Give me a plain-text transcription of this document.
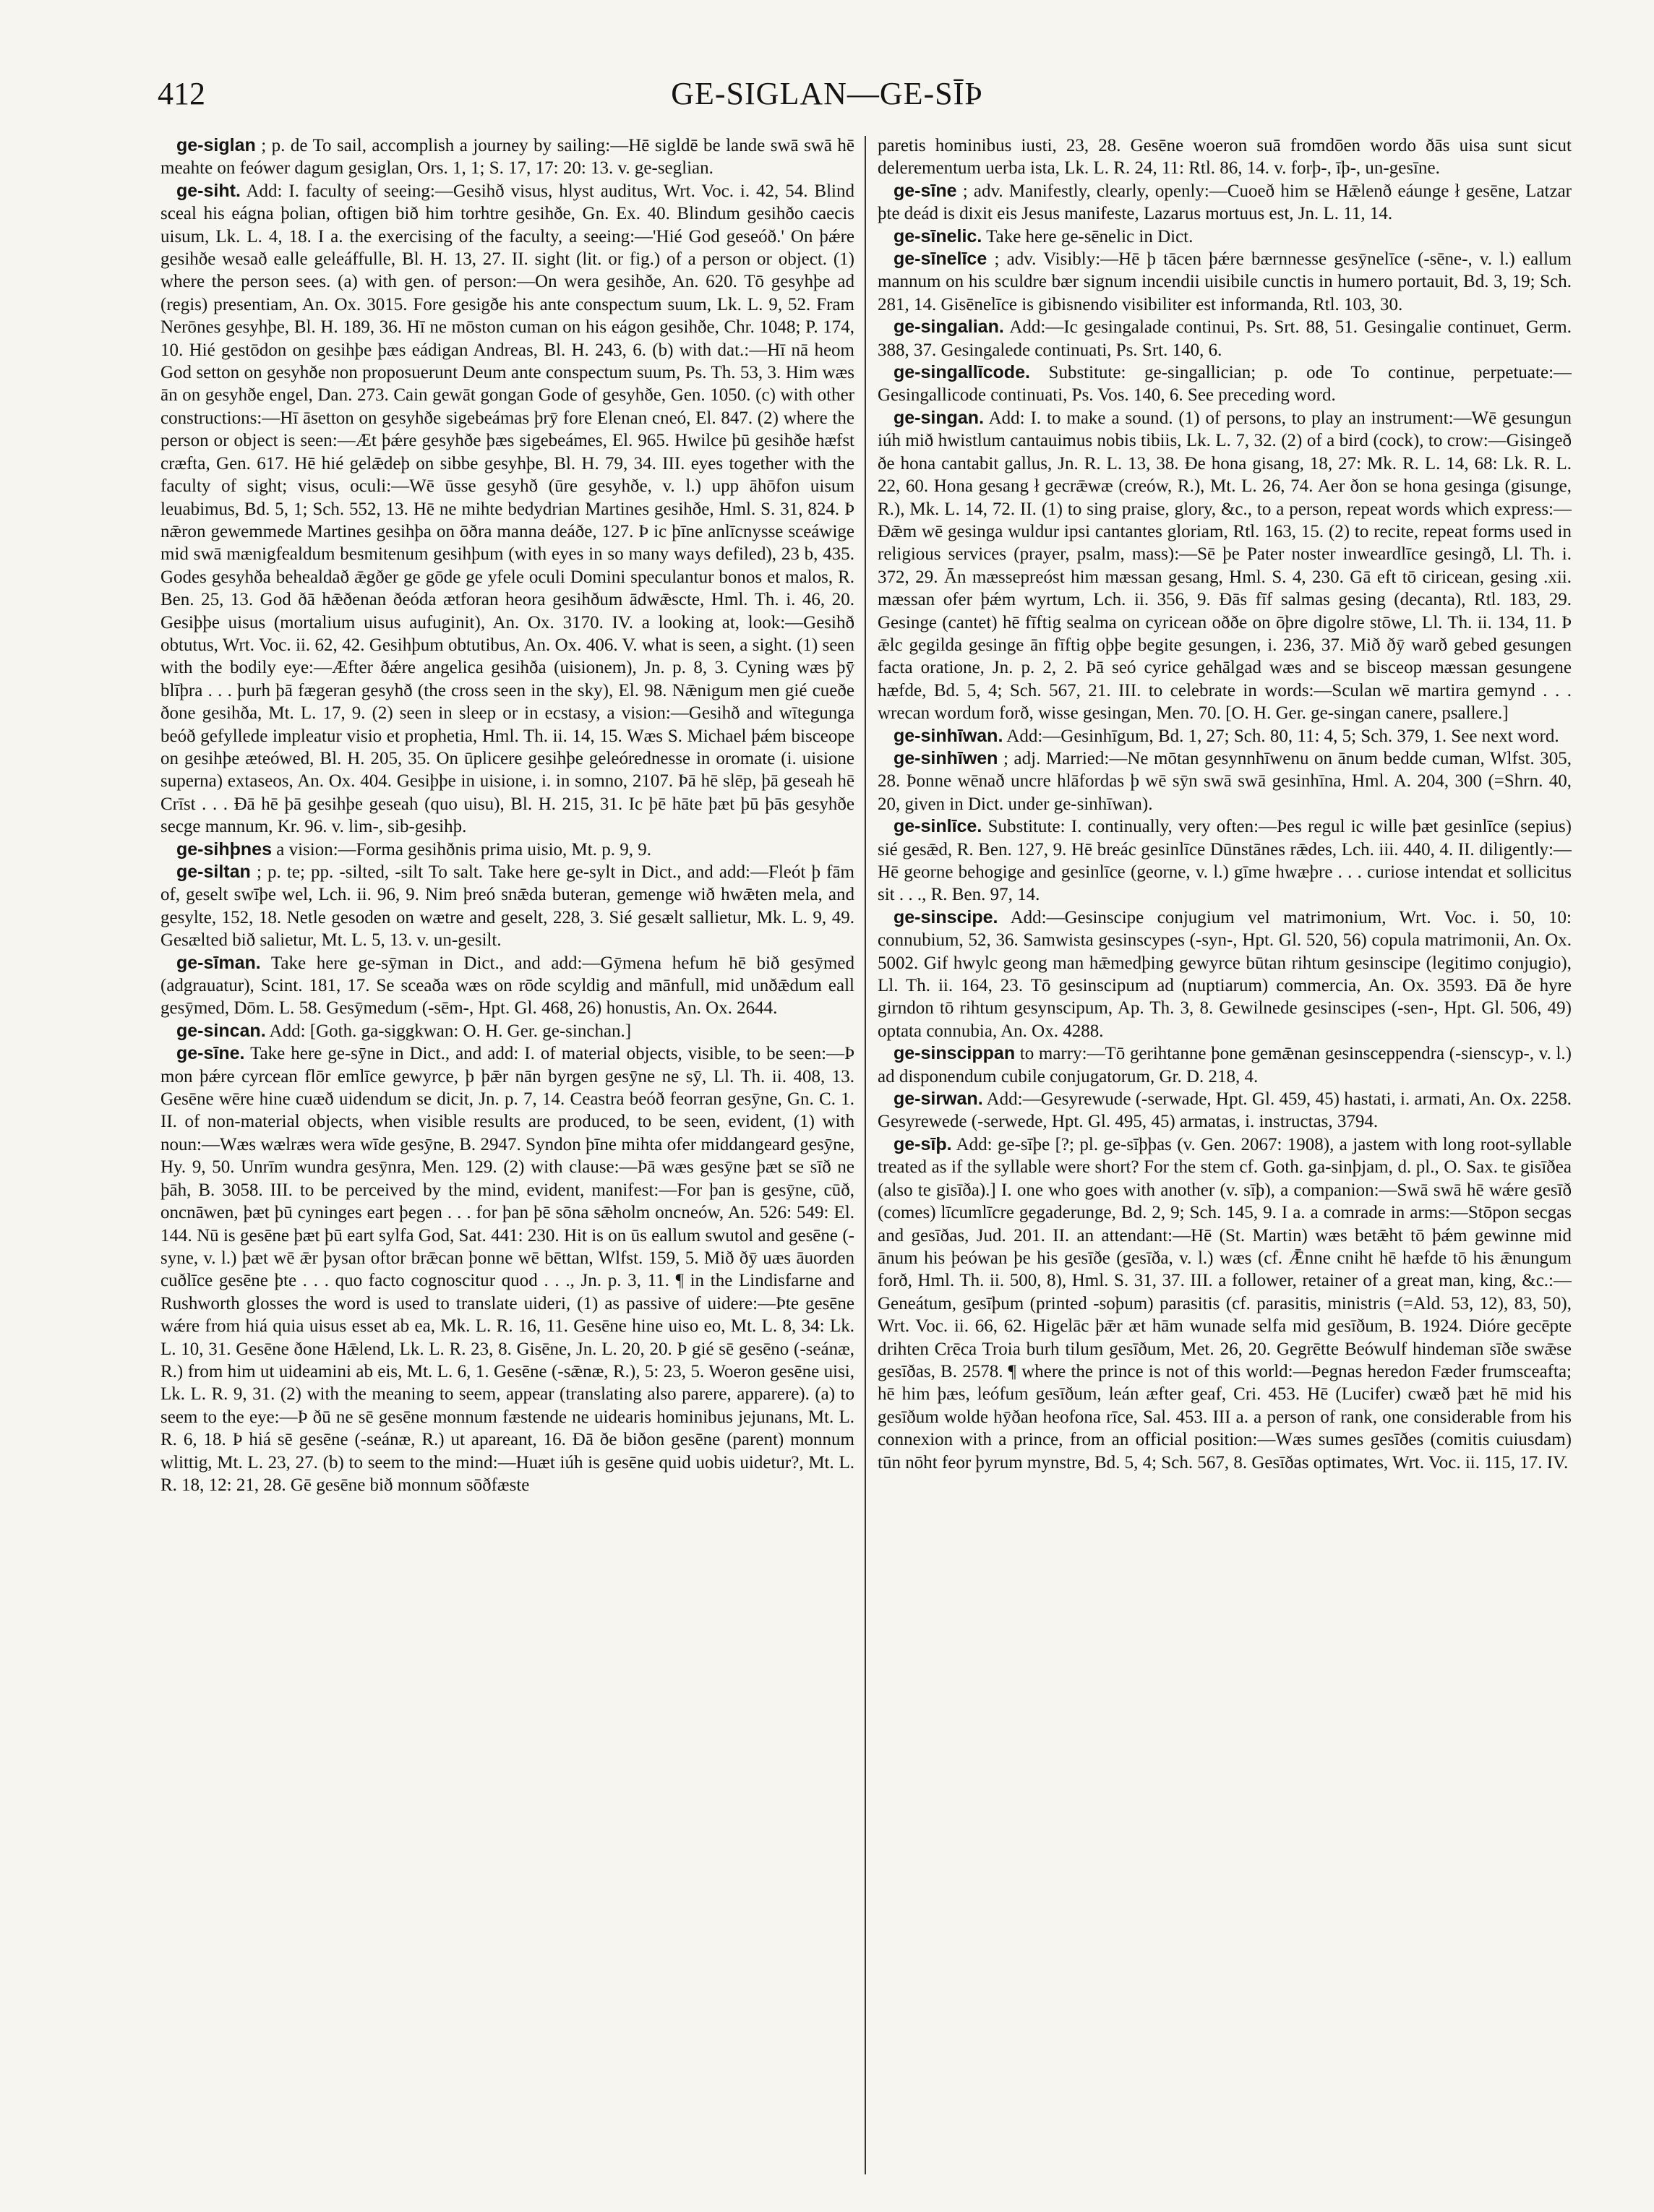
412	GE-SIGLAN—GE-SĪÞ

ge-siglan ; p. de To sail, accomplish a journey by sailing:—Hē sigldē be lande swā swā hē meahte on feówer dagum gesiglan, Ors. 1, 1; S. 17, 17: 20: 13. v. ge-seglian.

ge-siht. Add: I. faculty of seeing:—Gesihð visus, hlyst auditus, Wrt. Voc. i. 42, 54. Blind sceal his eágna þolian, oftigen bið him torhtre gesihðe, Gn. Ex. 40. Blindum gesihðo caecis uisum, Lk. L. 4, 18. I a. the exercising of the faculty, a seeing:—'Hié God geseóð.' On þǽre gesihðe wesað ealle geleáffulle, Bl. H. 13, 27. II. sight (lit. or fig.) of a person or object. (1) where the person sees. (a) with gen. of person:—On wera gesihðe, An. 620. Tō gesyhþe ad (regis) presentiam, An. Ox. 3015. Fore gesigðe his ante conspectum suum, Lk. L. 9, 52. Fram Nerōnes gesyhþe, Bl. H. 189, 36. Hī ne mōston cuman on his eágon gesihðe, Chr. 1048; P. 174, 10. Hié gestōdon on gesihþe þæs eádigan Andreas, Bl. H. 243, 6. (b) with dat.:—Hī nā heom God setton on gesyhðe non proposuerunt Deum ante conspectum suum, Ps. Th. 53, 3. Him wæs ān on gesyhðe engel, Dan. 273. Cain gewāt gongan Gode of gesyhðe, Gen. 1050. (c) with other constructions:—Hī āsetton on gesyhðe sigebeámas þrȳ fore Elenan cneó, El. 847. (2) where the person or object is seen:—Æt þǽre gesyhðe þæs sigebeámes, El. 965. Hwilce þū gesihðe hæfst cræfta, Gen. 617. Hē hié gelǣdeþ on sibbe gesyhþe, Bl. H. 79, 34. III. eyes together with the faculty of sight; visus, oculi:—Wē ūsse gesyhð (ūre gesyhðe, v. l.) upp āhōfon uisum leuabimus, Bd. 5, 1; Sch. 552, 13. Hē ne mihte bedydrian Martines gesihðe, Hml. S. 31, 824. Þ nǣron gewemmede Martines gesihþa on ōðra manna deáðe, 127. Þ ic þīne anlīcnysse sceáwige mid swā mænigfealdum besmitenum gesihþum (with eyes in so many ways defiled), 23 b, 435. Godes gesyhða behealdað ǣgðer ge gōde ge yfele oculi Domini speculantur bonos et malos, R. Ben. 25, 13. God ðā hǣðenan ðeóda ætforan heora gesihðum ādwǣscte, Hml. Th. i. 46, 20. Gesiþþe uisus (mortalium uisus aufuginit), An. Ox. 3170. IV. a looking at, look:—Gesihð obtutus, Wrt. Voc. ii. 62, 42. Gesihþum obtutibus, An. Ox. 406. V. what is seen, a sight. (1) seen with the bodily eye:—Æfter ðǽre angelica gesihða (uisionem), Jn. p. 8, 3. Cyning wæs þȳ blīþra . . . þurh þā fægeran gesyhð (the cross seen in the sky), El. 98. Nǣnigum men gié cueðe ðone gesihða, Mt. L. 17, 9. (2) seen in sleep or in ecstasy, a vision:—Gesihð and wītegunga beóð gefyllede impleatur visio et prophetia, Hml. Th. ii. 14, 15. Wæs S. Michael þǽm bisceope on gesihþe æteówed, Bl. H. 205, 35. On ūplicere gesihþe geleórednesse in oromate (i. uisione superna) extaseos, An. Ox. 404. Gesiþþe in uisione, i. in somno, 2107. Þā hē slēp, þā geseah hē Crīst . . . Ðā hē þā gesihþe geseah (quo uisu), Bl. H. 215, 31. Ic þē hāte þæt þū þās gesyhðe secge mannum, Kr. 96. v. lim-, sib-gesihþ.

ge-sihþnes a vision:—Forma gesihðnis prima uisio, Mt. p. 9, 9.

ge-siltan ; p. te; pp. -silted, -silt To salt. Take here ge-sylt in Dict., and add:—Fleót þ fām of, geselt swīþe wel, Lch. ii. 96, 9. Nim þreó snǣda buteran, gemenge wið hwǣten mela, and gesylte, 152, 18. Netle gesoden on wætre and geselt, 228, 3. Sié gesælt sallietur, Mk. L. 9, 49. Gesælted bið salietur, Mt. L. 5, 13. v. un-gesilt.

ge-sīman. Take here ge-sȳman in Dict., and add:—Gȳmena hefum hē bið gesȳmed (adgrauatur), Scint. 181, 17. Se sceaða wæs on rōde scyldig and mānfull, mid unðǣdum eall gesȳmed, Dōm. L. 58. Gesȳmedum (-sēm-, Hpt. Gl. 468, 26) honustis, An. Ox. 2644.

ge-sincan. Add: [Goth. ga-siggkwan: O. H. Ger. ge-sinchan.]

ge-sīne. Take here ge-sȳne in Dict., and add: I. of material objects, visible, to be seen:—Þ mon þǽre cyrcean flōr emlīce gewyrce, þ þǣr nān byrgen gesȳne ne sȳ, Ll. Th. ii. 408, 13. Gesēne wēre hine cuæð uidendum se dicit, Jn. p. 7, 14. Ceastra beóð feorran gesȳne, Gn. C. 1. II. of non-material objects, when visible results are produced, to be seen, evident, (1) with noun:—Wæs wælræs wera wīde gesȳne, B. 2947. Syndon þīne mihta ofer middangeard gesȳne, Hy. 9, 50. Unrīm wundra gesȳnra, Men. 129. (2) with clause:—Þā wæs gesȳne þæt se sīð ne þāh, B. 3058. III. to be perceived by the mind, evident, manifest:—For þan is gesȳne, cūð, oncnāwen, þæt þū cyninges eart þegen . . . for þan þē sōna sǣholm oncneów, An. 526: 549: El. 144. Nū is gesēne þæt þū eart sylfa God, Sat. 441: 230. Hit is on ūs eallum swutol and gesēne (-syne, v. l.) þæt wē ǣr þysan oftor brǣcan þonne wē bēttan, Wlfst. 159, 5. Mið ðȳ uæs āuorden cuðlīce gesēne þte . . . quo facto cognoscitur quod . . ., Jn. p. 3, 11. ¶ in the Lindisfarne and Rushworth glosses the word is used to translate uideri, (1) as passive of uidere:—Þte gesēne wǽre from hiá quia uisus esset ab ea, Mk. L. R. 16, 11. Gesēne hine uiso eo, Mt. L. 8, 34: Lk. L. 10, 31. Gesēne ðone Hǣlend, Lk. L. R. 23, 8. Gisēne, Jn. L. 20, 20. Þ gié sē gesēno (-seánæ, R.) from him ut uideamini ab eis, Mt. L. 6, 1. Gesēne (-sǣnæ, R.), 5: 23, 5. Woeron gesēne uisi, Lk. L. R. 9, 31. (2) with the meaning to seem, appear (translating also parere, apparere). (a) to seem to the eye:—Þ ðū ne sē gesēne monnum fæstende ne uidearis hominibus jejunans, Mt. L. R. 6, 18. Þ hiá sē gesēne (-seánæ, R.) ut apareant, 16. Ðā ðe biðon gesēne (parent) monnum wlittig, Mt. L. 23, 27. (b) to seem to the mind:—Huæt iúh is gesēne quid uobis uidetur?, Mt. L. R. 18, 12: 21, 28. Gē gesēne bið monnum sōðfæste

paretis hominibus iusti, 23, 28. Gesēne woeron suā fromdōen wordo ðās uisa sunt sicut delerementum uerba ista, Lk. L. R. 24, 11: Rtl. 86, 14. v. forþ-, īþ-, un-gesīne.

ge-sīne ; adv. Manifestly, clearly, openly:—Cuoeð him se Hǣlenð eáunge ł gesēne, Latzar þte deád is dixit eis Jesus manifeste, Lazarus mortuus est, Jn. L. 11, 14.

ge-sīnelic. Take here ge-sēnelic in Dict.

ge-sīnelīce ; adv. Visibly:—Hē þ tācen þǽre bærnnesse gesȳnelīce (-sēne-, v. l.) eallum mannum on his sculdre bær signum incendii uisibile cunctis in humero portauit, Bd. 3, 19; Sch. 281, 14. Gisēnelīce is gibisnendo visibiliter est informanda, Rtl. 103, 30.

ge-singalian. Add:—Ic gesingalade continui, Ps. Srt. 88, 51. Gesingalie continuet, Germ. 388, 37. Gesingalede continuati, Ps. Srt. 140, 6.

ge-singallīcode. Substitute: ge-singallician; p. ode To continue, perpetuate:—Gesingallicode continuati, Ps. Vos. 140, 6. See preceding word.

ge-singan. Add: I. to make a sound. (1) of persons, to play an instrument:—Wē gesungun iúh mið hwistlum cantauimus nobis tibiis, Lk. L. 7, 32. (2) of a bird (cock), to crow:—Gisingeð ðe hona cantabit gallus, Jn. R. L. 13, 38. Ðe hona gisang, 18, 27: Mk. R. L. 14, 68: Lk. R. L. 22, 60. Hona gesang ł gecrǣwæ (creów, R.), Mt. L. 26, 74. Aer ðon se hona gesinga (gisunge, R.), Mk. L. 14, 72. II. (1) to sing praise, glory, &c., to a person, repeat words which express:—Ðǣm wē gesinga wuldur ipsi cantantes gloriam, Rtl. 163, 15. (2) to recite, repeat forms used in religious services (prayer, psalm, mass):—Sē þe Pater noster inweardlīce gesingð, Ll. Th. i. 372, 29. Ān mæssepreóst him mæssan gesang, Hml. S. 4, 230. Gā eft tō ciricean, gesing .xii. mæssan ofer þǽm wyrtum, Lch. ii. 356, 9. Ðās fīf salmas gesing (decanta), Rtl. 183, 29. Gesinge (cantet) hē fīftig sealma on cyricean oððe on ōþre digolre stōwe, Ll. Th. ii. 134, 11. Þ ǣlc gegilda gesinge ān fīftig oþþe begite gesungen, i. 236, 37. Mið ðȳ warð gebed gesungen facta oratione, Jn. p. 2, 2. Þā seó cyrice gehālgad wæs and se bisceop mæssan gesungene hæfde, Bd. 5, 4; Sch. 567, 21. III. to celebrate in words:—Sculan wē martira gemynd . . . wrecan wordum forð, wisse gesingan, Men. 70. [O. H. Ger. ge-singan canere, psallere.]

ge-sinhīwan. Add:—Gesinhīgum, Bd. 1, 27; Sch. 80, 11: 4, 5; Sch. 379, 1. See next word.

ge-sinhīwen ; adj. Married:—Ne mōtan gesynnhīwenu on ānum bedde cuman, Wlfst. 305, 28. Þonne wēnað uncre hlāfordas þ wē sȳn swā swā gesinhīna, Hml. A. 204, 300 (=Shrn. 40, 20, given in Dict. under ge-sinhīwan).

ge-sinlīce. Substitute: I. continually, very often:—Þes regul ic wille þæt gesinlīce (sepius) sié gesǣd, R. Ben. 127, 9. Hē breác gesinlīce Dūnstānes rǣdes, Lch. iii. 440, 4. II. diligently:—Hē georne behogige and gesinlīce (georne, v. l.) gīme hwæþre . . . curiose intendat et sollicitus sit . . ., R. Ben. 97, 14.

ge-sinscipe. Add:—Gesinscipe conjugium vel matrimonium, Wrt. Voc. i. 50, 10: connubium, 52, 36. Samwista gesinscypes (-syn-, Hpt. Gl. 520, 56) copula matrimonii, An. Ox. 5002. Gif hwylc geong man hǣmedþing gewyrce būtan rihtum gesinscipe (legitimo conjugio), Ll. Th. ii. 164, 23. Tō gesinscipum ad (nuptiarum) commercia, An. Ox. 3593. Ðā ðe hyre girndon tō rihtum gesynscipum, Ap. Th. 3, 8. Gewilnede gesinscipes (-sen-, Hpt. Gl. 506, 49) optata connubia, An. Ox. 4288.

ge-sinscippan to marry:—Tō gerihtanne þone gemǣnan gesinsceppendra (-sienscyp-, v. l.) ad disponendum cubile conjugatorum, Gr. D. 218, 4.

ge-sirwan. Add:—Gesyrewude (-serwade, Hpt. Gl. 459, 45) hastati, i. armati, An. Ox. 2258. Gesyrewede (-serwede, Hpt. Gl. 495, 45) armatas, i. instructas, 3794.

ge-sīþ. Add: ge-sīþe [?; pl. ge-sīþþas (v. Gen. 2067: 1908), a jastem with long root-syllable treated as if the syllable were short? For the stem cf. Goth. ga-sinþjam, d. pl., O. Sax. te gisīðea (also te gisīða).] I. one who goes with another (v. sīþ), a companion:—Swā swā hē wǽre gesīð (comes) līcumlīcre gegaderunge, Bd. 2, 9; Sch. 145, 9. I a. a comrade in arms:—Stōpon secgas and gesīðas, Jud. 201. II. an attendant:—Hē (St. Martin) wæs betǣht tō þǽm gewinne mid ānum his þeówan þe his gesīðe (gesīða, v. l.) wæs (cf. Ǣnne cniht hē hæfde tō his ǣnungum forð, Hml. Th. ii. 500, 8), Hml. S. 31, 37. III. a follower, retainer of a great man, king, &c.:—Geneátum, gesīþum (printed -soþum) parasitis (cf. parasitis, ministris (=Ald. 53, 12), 83, 50), Wrt. Voc. ii. 66, 62. Higelāc þǣr æt hām wunade selfa mid gesīðum, B. 1924. Dióre gecēpte drihten Crēca Troia burh tilum gesīðum, Met. 26, 20. Gegrētte Beówulf hindeman sīðe swǣse gesīðas, B. 2578. ¶ where the prince is not of this world:—Þegnas heredon Fæder frumsceafta; hē him þæs, leófum gesīðum, leán æfter geaf, Cri. 453. Hē (Lucifer) cwæð þæt hē mid his gesīðum wolde hȳðan heofona rīce, Sal. 453. III a. a person of rank, one considerable from his connexion with a prince, from an official position:—Wæs sumes gesīðes (comitis cuiusdam) tūn nōht feor þyrum mynstre, Bd. 5, 4; Sch. 567, 8. Gesīðas optimates, Wrt. Voc. ii. 115, 17. IV.
